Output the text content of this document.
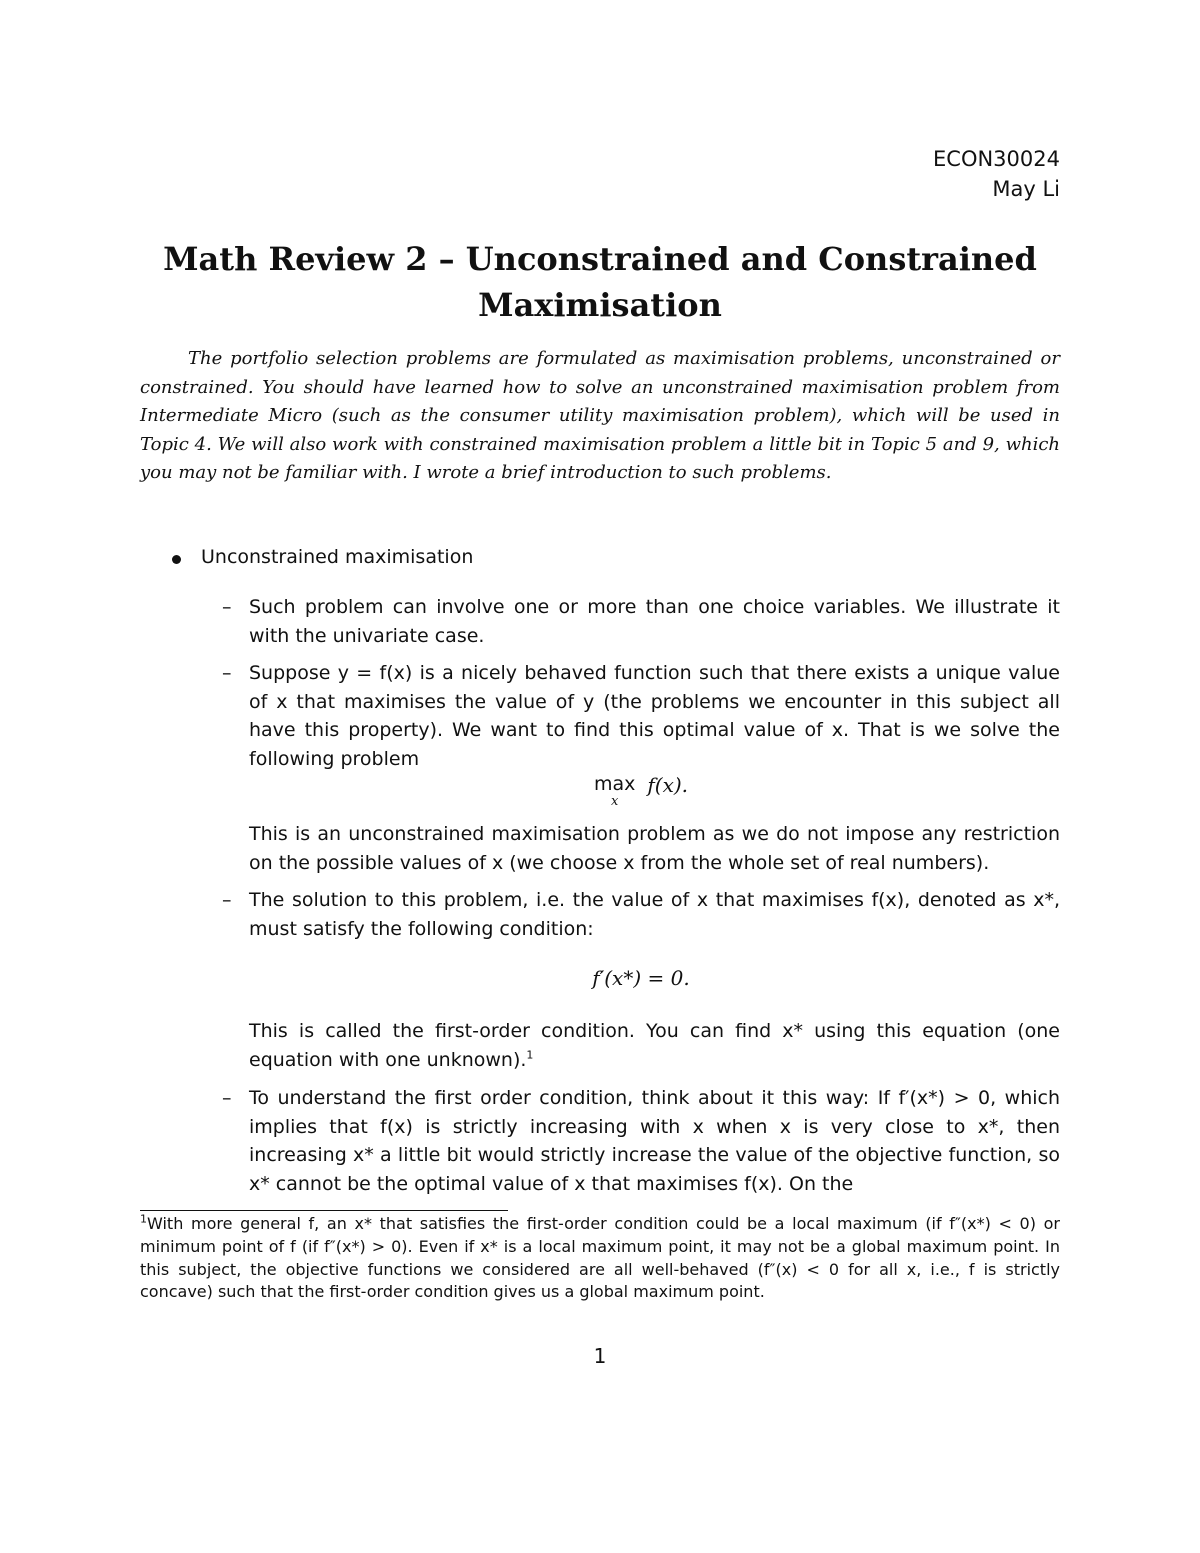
ECON30024
May Li
Math Review 2 – Unconstrained and Constrained
Maximisation
The portfolio selection problems are formulated as maximisation problems, unconstrained or constrained. You should have learned how to solve an unconstrained maximisation problem from Intermediate Micro (such as the consumer utility maximisation problem), which will be used in Topic 4. We will also work with constrained maximisation problem a little bit in Topic 5 and 9, which you may not be familiar with. I wrote a brief introduction to such problems.
Unconstrained maximisation
– Such problem can involve one or more than one choice variables. We illustrate it with the univariate case.
– Suppose y = f(x) is a nicely behaved function such that there exists a unique value of x that maximises the value of y (the problems we encounter in this subject all have this property). We want to find this optimal value of x. That is we solve the following problem
max
x
f(x).
This is an unconstrained maximisation problem as we do not impose any restriction on the possible values of x (we choose x from the whole set of real numbers).
– The solution to this problem, i.e. the value of x that maximises f(x), denoted as x*, must satisfy the following condition:
f′(x*) = 0.
This is called the first-order condition. You can find x* using this equation (one equation with one unknown).$^1$
– To understand the first order condition, think about it this way: If f′(x*) > 0, which implies that f(x) is strictly increasing with x when x is very close to x*, then increasing x* a little bit would strictly increase the value of the objective function, so x* cannot be the optimal value of x that maximises f(x). On the
$^1$With more general f, an x* that satisfies the first-order condition could be a local maximum (if f″(x*) < 0) or minimum point of f (if f″(x*) > 0). Even if x* is a local maximum point, it may not be a global maximum point. In this subject, the objective functions we considered are all well-behaved (f″(x) < 0 for all x, i.e., f is strictly concave) such that the first-order condition gives us a global maximum point.
1
